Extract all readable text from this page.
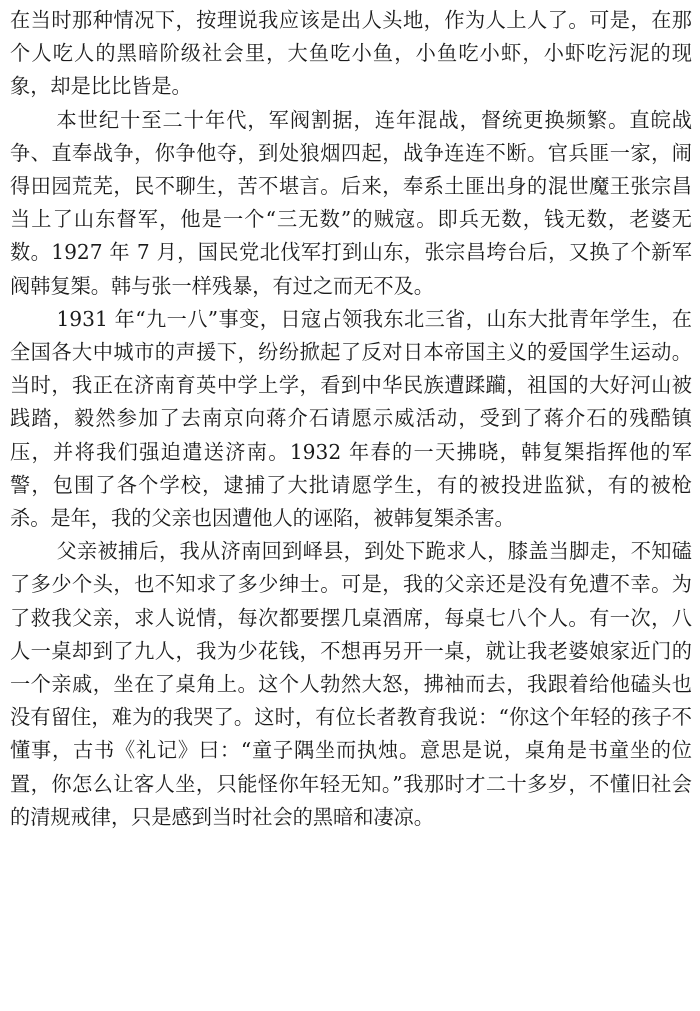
在当时那种情况下，按理说我应该是出人头地，作为人上人了。可是，在那个人吃人的黑暗阶级社会里，大鱼吃小鱼，小鱼吃小虾，小虾吃污泥的现象，却是比比皆是。

本世纪十至二十年代，军阀割据，连年混战，督统更换频繁。直皖战争、直奉战争，你争他夺，到处狼烟四起，战争连连不断。官兵匪一家，闹得田园荒芜，民不聊生，苦不堪言。后来，奉系土匪出身的混世魔王张宗昌当上了山东督军，他是一个“三无数”的贼寇。即兵无数，钱无数，老婆无数。1927 年 7 月，国民党北伐军打到山东，张宗昌垮台后，又换了个新军阀韩复榘。韩与张一样残暴，有过之而无不及。

1931 年“九一八”事变，日寇占领我东北三省，山东大批青年学生，在全国各大中城市的声援下，纷纷掀起了反对日本帝国主义的爱国学生运动。当时，我正在济南育英中学上学，看到中华民族遭蹂躏，祖国的大好河山被践踏，毅然参加了去南京向蒋介石请愿示威活动，受到了蒋介石的残酷镇压，并将我们强迫遣送济南。1932 年春的一天拂晓，韩复榘指挥他的军警，包围了各个学校，逮捕了大批请愿学生，有的被投进监狱，有的被枪杀。是年，我的父亲也因遭他人的诬陷，被韩复榘杀害。

父亲被捕后，我从济南回到峄县，到处下跪求人，膝盖当脚走，不知磕了多少个头，也不知求了多少绅士。可是，我的父亲还是没有免遭不幸。为了救我父亲，求人说情，每次都要摆几桌酒席，每桌七八个人。有一次，八人一桌却到了九人，我为少花钱，不想再另开一桌，就让我老婆娘家近门的一个亲戚，坐在了桌角上。这个人勃然大怒，拂袖而去，我跟着给他磕头也没有留住，难为的我哭了。这时，有位长者教育我说：“你这个年轻的孩子不懂事，古书《礼记》曰：“童子隅坐而执烛。意思是说，桌角是书童坐的位置，你怎么让客人坐，只能怪你年轻无知。”我那时才二十多岁，不懂旧社会的清规戒律，只是感到当时社会的黑暗和凄凉。
